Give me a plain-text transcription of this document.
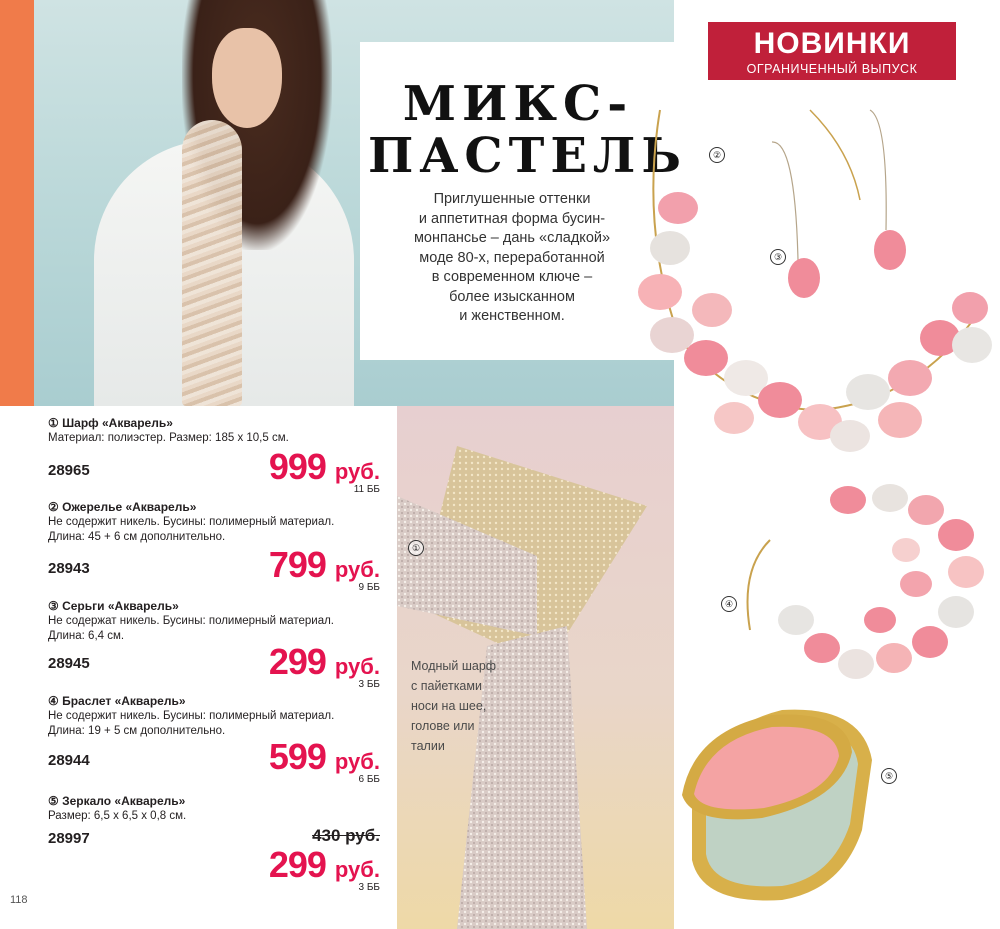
МИКС-
ПАСТЕЛЬ
Приглушенные оттенки
и аппетитная форма бусин-
монпансье – дань «сладкой»
моде 80-х, переработанной
в современном ключе –
более изысканном
и женственном.
②
③
НОВИНКИ
ОГРАНИЧЕННЫЙ ВЫПУСК
④
⑤
Модный шарф
с пайетками
носи на шее,
голове или
талии
①
① Шарф «Акварель»
Материал: полиэстер. Размер: 185 х 10,5 см.
28965	999 руб.
11 ББ
② Ожерелье «Акварель»
Не содержит никель. Бусины: полимерный материал.
Длина: 45 + 6 см дополнительно.
28943	799 руб.
9 ББ
③ Серьги «Акварель»
Не содержат никель. Бусины: полимерный материал.
Длина: 6,4 см.
28945	299 руб.
3 ББ
④ Браслет «Акварель»
Не содержит никель. Бусины: полимерный материал.
Длина: 19 + 5 см дополнительно.
28944	599 руб.
6 ББ
⑤ Зеркало «Акварель»
Размер: 6,5 х 6,5 х 0,8 см.
28997	430 руб.
299 руб.
3 ББ
118
